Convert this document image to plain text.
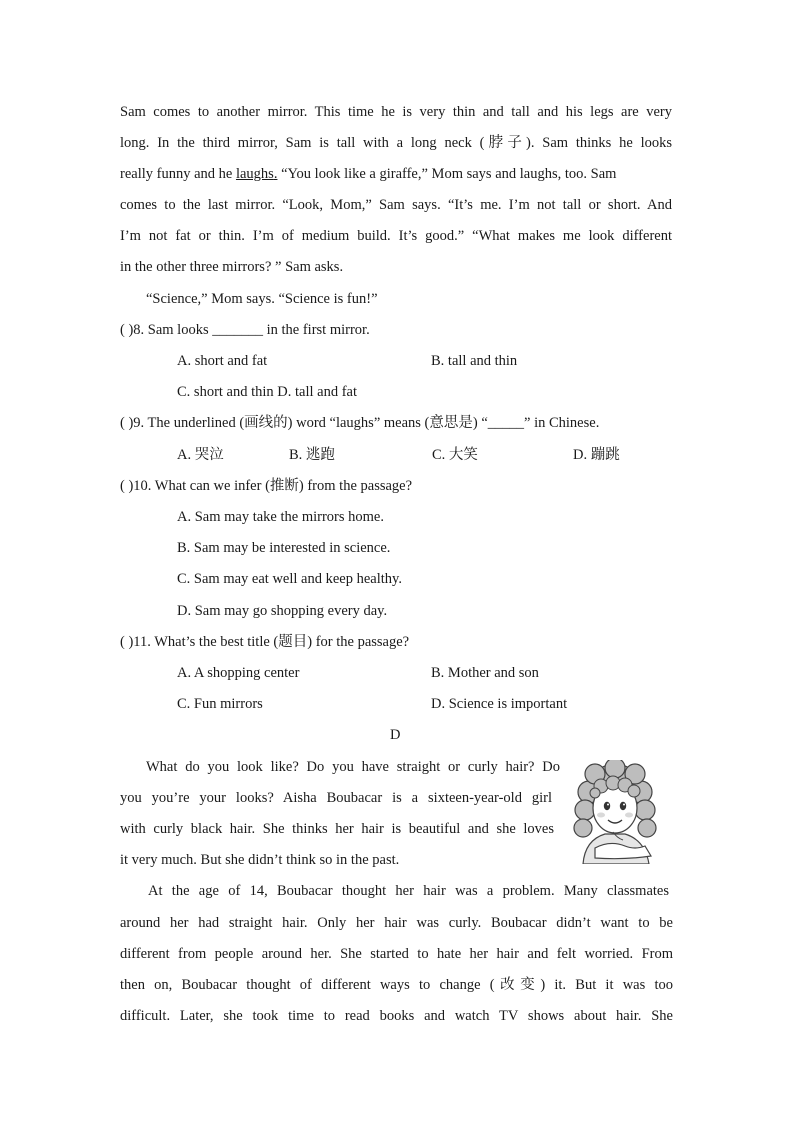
Sam comes to another mirror. This time he is very thin and tall and his legs are very
long. In the third mirror, Sam is tall with a long neck (脖子). Sam thinks he looks
really funny and he laughs. “You look like a giraffe,” Mom says and laughs, too. Sam
comes to the last mirror. “Look, Mom,” Sam says. “It’s me. I’m not tall or short. And
I’m not fat or thin. I’m of medium build. It’s good.” “What makes me look different
in the other three mirrors? ” Sam asks.
“Science,” Mom says. “Science is fun!”
( )8. Sam looks _______ in the first mirror.
A. short and fat	B. tall and thin
C. short and thin D. tall and fat
( )9. The underlined (画线的) word “laughs” means (意思是) “_____” in Chinese.
A. 哭泣	B. 逃跑	C. 大笑	D. 蹦跳
( )10. What can we infer (推断) from the passage?
A. Sam may take the mirrors home.
B. Sam may be interested in science.
C. Sam may eat well and keep healthy.
D. Sam may go shopping every day.
( )11. What’s the best title (题目) for the passage?
A. A shopping center	B. Mother and son
C. Fun mirrors	D. Science is important
D
What do you look like? Do you have straight or curly hair? Do
you you’re your looks? Aisha Boubacar is a sixteen-year-old girl
with curly black hair. She thinks her hair is beautiful and she loves
it very much. But she didn’t think so in the past.
At the age of 14, Boubacar thought her hair was a problem. Many classmates
around her had straight hair. Only her hair was curly. Boubacar didn’t want to be
different from people around her. She started to hate her hair and felt worried. From
then on, Boubacar thought of different ways to change (改变) it. But it was too
difficult. Later, she took time to read books and watch TV shows about hair. She
